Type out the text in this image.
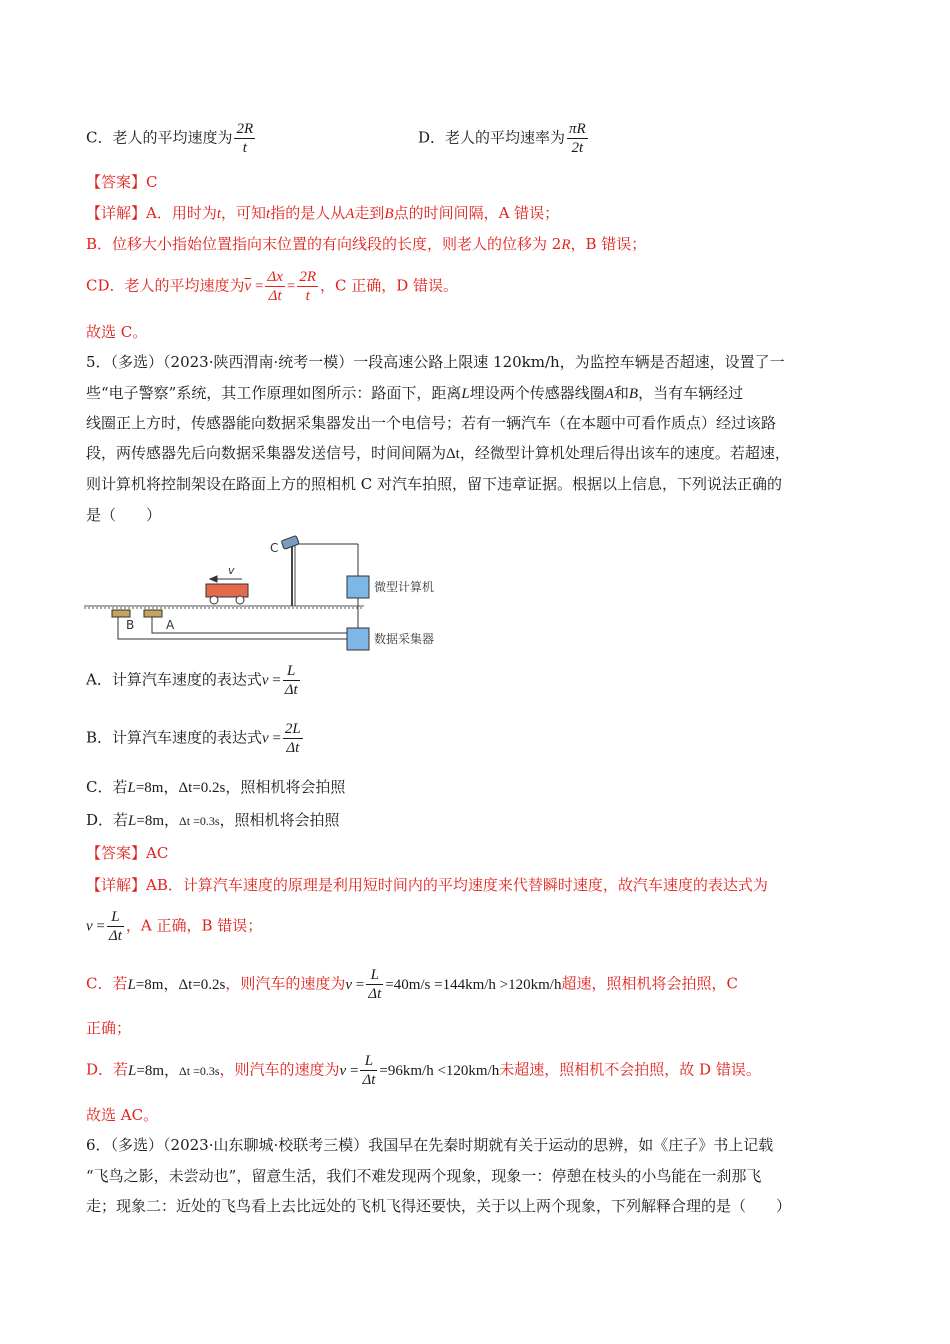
C．老人的平均速度为 $\frac{2R}{t}$	D．老人的平均速率为 $\frac{\pi R}{2t}$
【答案】C
【详解】A．用时为t，可知t指的是人从A走到B点的时间间隔，A 错误；
B．位移大小指始位置指向末位置的有向线段的长度，则老人的位移为 2R，B 错误；
CD．老人的平均速度为$\overline{v} = \frac{\Delta x}{\Delta t} = \frac{2R}{t}$ ，C 正确，D 错误。
故选 C。
5．（多选）（2023·陕西渭南·统考一模）一段高速公路上限速 120km/h，为监控车辆是否超速，设置了一
些“电子警察”系统，其工作原理如图所示：路面下，距离L埋设两个传感器线圈A和B，当有车辆经过
线圈正上方时，传感器能向数据采集器发出一个电信号；若有一辆汽车（在本题中可看作质点）经过该路
段，两传感器先后向数据采集器发送信号，时间间隔为Δt，经微型计算机处理后得出该车的速度。若超速，
则计算机将控制架设在路面上方的照相机 C 对汽车拍照，留下违章证据。根据以上信息，下列说法正确的
是（　　）
C
微型计算机
数据采集器
v
B	A
A．计算汽车速度的表达式$v = \frac{L}{\Delta t}$
B．计算汽车速度的表达式$v = \frac{2L}{\Delta t}$
C．若L=8m，Δt=0.2s，照相机将会拍照
D．若L=8m，Δt =0.3s，照相机将会拍照
【答案】AC
【详解】AB．计算汽车速度的原理是利用短时间内的平均速度来代替瞬时速度，故汽车速度的表达式为
$v = \frac{L}{\Delta t}$ ，A 正确，B 错误；
C．若L=8m，Δt=0.2s，则汽车的速度为$v = \frac{L}{\Delta t} =40m/s =144km/h >120km/h$超速，照相机将会拍照，C
正确；
D．若L=8m，Δt =0.3s，则汽车的速度为$v = \frac{L}{\Delta t} =96km/h <120km/h$未超速，照相机不会拍照，故 D 错误。
故选 AC。
6．（多选）（2023·山东聊城·校联考三模）我国早在先秦时期就有关于运动的思辨，如《庄子》书上记载
“飞鸟之影，未尝动也”，留意生活，我们不难发现两个现象，现象一：停憩在枝头的小鸟能在一刹那飞
走；现象二：近处的飞鸟看上去比远处的飞机飞得还要快，关于以上两个现象，下列解释合理的是（　　）
